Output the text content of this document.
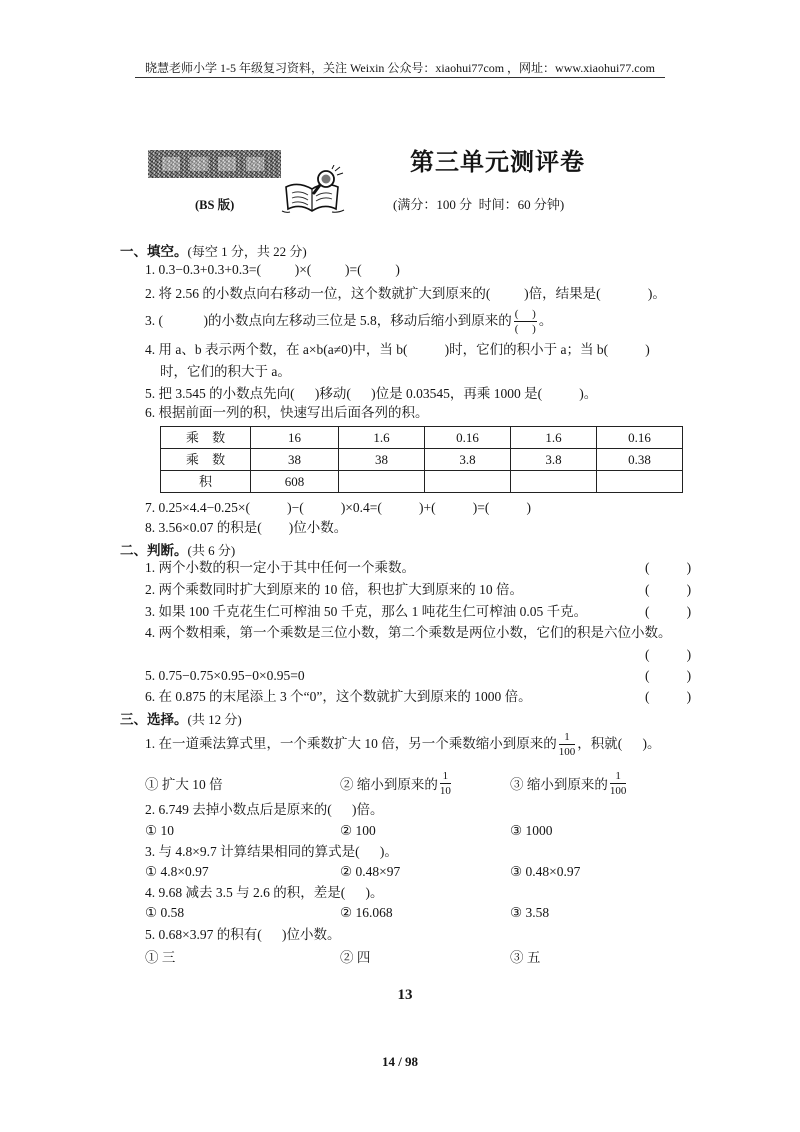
晓慧老师小学 1-5 年级复习资料，关注 Weixin 公众号：xiaohui77com ，网址：www.xiaohui77.com
第三单元测评卷
(BS 版)	(满分：100 分  时间：60 分钟)
一、填空。 (每空 1 分，共 22 分)
1. 0.3−0.3+0.3+0.3=(          )×(          )=(          )
2. 将 2.56 的小数点向右移动一位，这个数就扩大到原来的(          )倍，结果是(              )。
3. (            )的小数点向左移动三位是 5.8，移动后缩小到原来的 $\frac{( )}{( )}$ 。
4. 用 a、b 表示两个数，在 a×b(a≠0)中，当 b(           )时，它们的积小于 a；当 b(           )
时，它们的积大于 a。
5. 把 3.545 的小数点先向(      )移动(      )位是 0.03545，再乘 1000 是(           )。
6. 根据前面一列的积，快速写出后面各列的积。
乘 数	16	1.6	0.16	1.6	0.16
乘 数	38	38	3.8	3.8	0.38
积	608				
7. 0.25×4.4−0.25×(           )−(           )×0.4=(           )+(           )=(           )
8. 3.56×0.07 的积是(        )位小数。
二、判断。 (共 6 分)
1. 两个小数的积一定小于其中任何一个乘数。	(           )
2. 两个乘数同时扩大到原来的 10 倍，积也扩大到原来的 10 倍。	(           )
3. 如果 100 千克花生仁可榨油 50 千克，那么 1 吨花生仁可榨油 0.05 千克。	(           )
4. 两个数相乘，第一个乘数是三位小数，第二个乘数是两位小数，它们的积是六位小数。
(           )
5. 0.75−0.75×0.95−0×0.95=0	(           )
6. 在 0.875 的末尾添上 3 个“0”，这个数就扩大到原来的 1000 倍。	(           )
三、选择。 (共 12 分)
1. 在一道乘法算式里，一个乘数扩大 10 倍，另一个乘数缩小到原来的 $\frac{1}{100}$ ，积就(      )。
① 扩大 10 倍	② 缩小到原来的 $\frac{1}{10}$	③ 缩小到原来的 $\frac{1}{100}$
2. 6.749 去掉小数点后是原来的(      )倍。
① 10	② 100	③ 1000
3. 与 4.8×9.7 计算结果相同的算式是(      )。
① 4.8×0.97	② 0.48×97	③ 0.48×0.97
4. 9.68 减去 3.5 与 2.6 的积，差是(      )。
① 0.58	② 16.068	③ 3.58
5. 0.68×3.97 的积有(      )位小数。
① 三	② 四	③ 五
13
14 / 98
